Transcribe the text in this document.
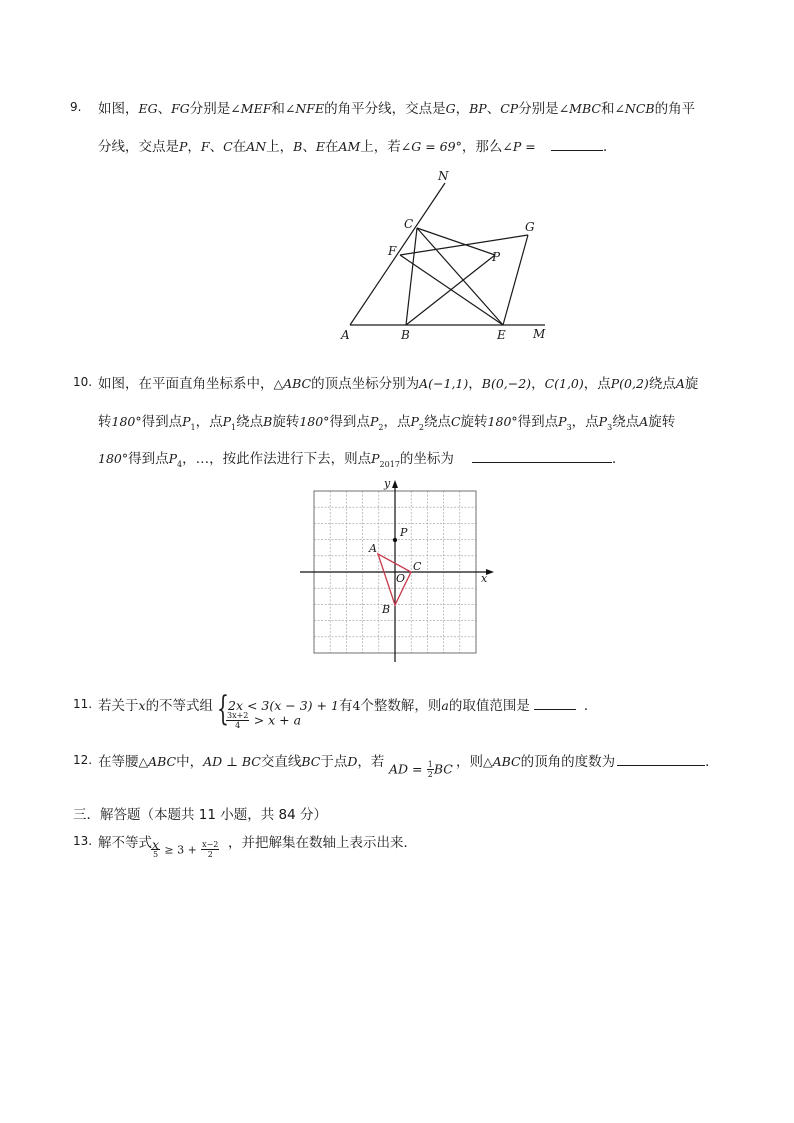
9. 如图，EG、FG分别是∠MEF和∠NFE的角平分线，交点是G，BP、CP分别是∠MBC和∠NCB的角平
分线，交点是P，F、C在AN上，B、E在AM上，若∠G = 69°，那么∠P =	．
N
C	G
F	P
A	B	E M
10. 如图，在平面直角坐标系中，△ABC的顶点坐标分别为A(−1,1)，B(0,−2)，C(1,0)，点P(0,2)绕点A旋
转180°得到点$P_1$，点$P_1$绕点B旋转180°得到点$P_2$，点$P_2$绕点C旋转180°得到点$P_3$，点$P_3$绕点A旋转
180°得到点$P_4$，…，按此作法进行下去，则点$P_{2017}$的坐标为	．
y
x
P
A
O
C
B
11. 若关于x的不等式组 { 2x < 3(x − 3) + 1有4个整数解，则a的取值范围是	．
$\frac{3x+2}{4} > x + a$
12. 在等腰△ABC中，AD ⊥ BC交直线BC于点D，若 AD = $\frac{1}{2}$ BC ，则△ABC的顶角的度数为	．
三．解答题（本题共 11 小题，共 84 分）
13. 解不等式 $\frac{x}{5} \ge 3 + \frac{x-2}{2}$ ，并把解集在数轴上表示出来．
